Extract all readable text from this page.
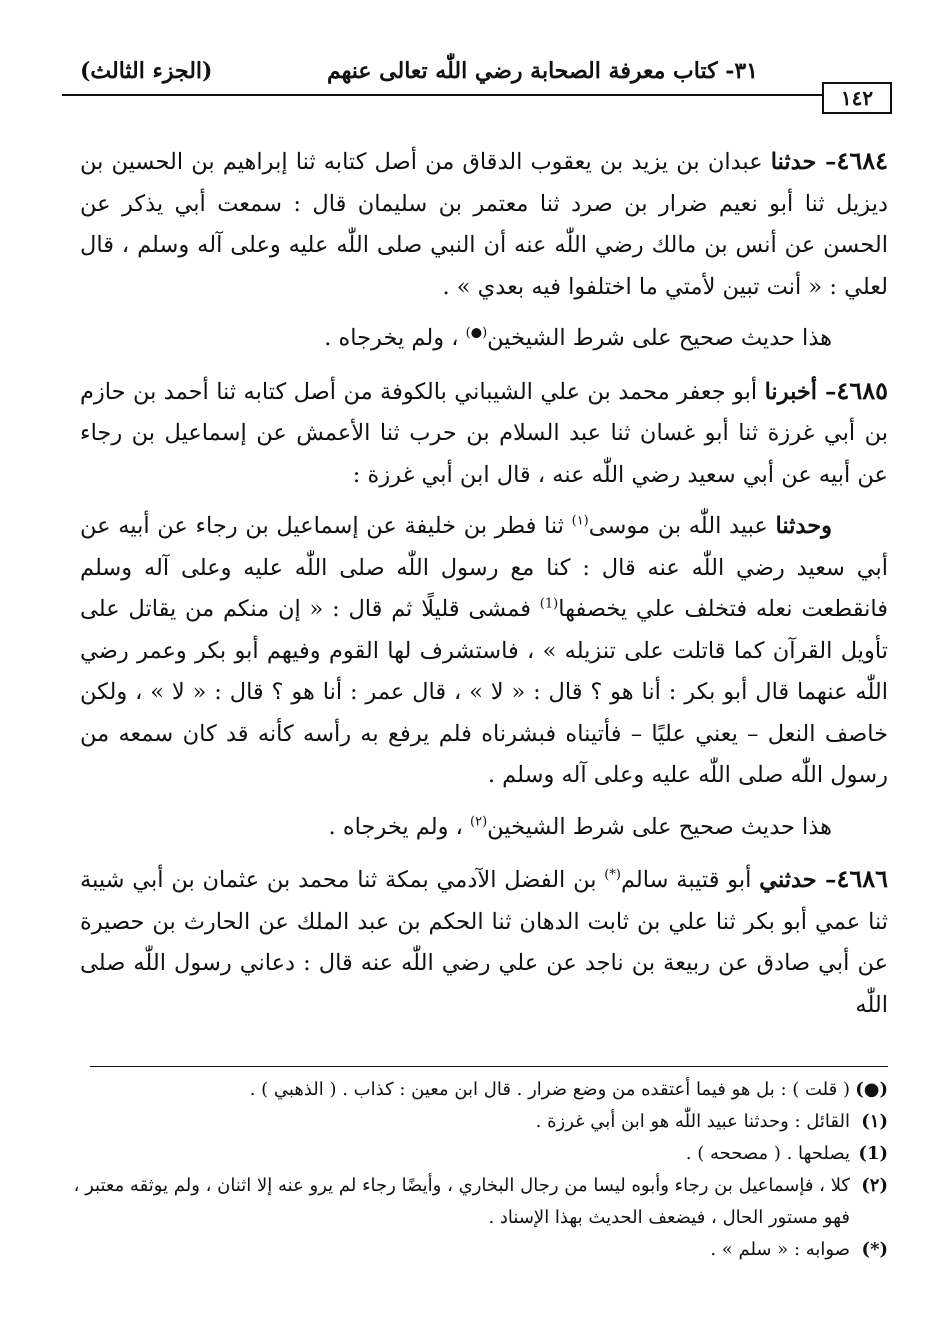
٣١- كتاب معرفة الصحابة رضي اللّٰه تعالى عنهم
(الجزء الثالث)
١٤٢

٤٦٨٤– حدثنا عبدان بن يزيد بن يعقوب الدقاق من أصل كتابه ثنا إبراهيم بن الحسين بن ديزيل ثنا أبو نعيم ضرار بن صرد ثنا معتمر بن سليمان قال : سمعت أبي يذكر عن الحسن عن أنس بن مالك رضي اللّٰه عنه أن النبي صلى اللّٰه عليه وعلى آله وسلم ، قال لعلي : « أنت تبين لأمتي ما اختلفوا فيه بعدي » .

هذا حديث صحيح على شرط الشيخين(●) ، ولم يخرجاه .

٤٦٨٥– أخبرنا أبو جعفر محمد بن علي الشيباني بالكوفة من أصل كتابه ثنا أحمد بن حازم بن أبي غرزة ثنا أبو غسان ثنا عبد السلام بن حرب ثنا الأعمش عن إسماعيل بن رجاء عن أبيه عن أبي سعيد رضي اللّٰه عنه ، قال ابن أبي غرزة :

وحدثنا عبيد اللّٰه بن موسى$^{(١)}$ ثنا فطر بن خليفة عن إسماعيل بن رجاء عن أبيه عن أبي سعيد رضي اللّٰه عنه قال : كنا مع رسول اللّٰه صلى اللّٰه عليه وعلى آله وسلم فانقطعت نعله فتخلف علي يخصفها$^{(1)}$ فمشى قليلًا ثم قال : « إن منكم من يقاتل على تأويل القرآن كما قاتلت على تنزيله » ، فاستشرف لها القوم وفيهم أبو بكر وعمر رضي اللّٰه عنهما قال أبو بكر : أنا هو ؟ قال : « لا » ، قال عمر : أنا هو ؟ قال : « لا » ، ولكن خاصف النعل – يعني عليًا – فأتيناه فبشرناه فلم يرفع به رأسه كأنه قد كان سمعه من رسول اللّٰه صلى اللّٰه عليه وعلى آله وسلم .

هذا حديث صحيح على شرط الشيخين$^{(٢)}$ ، ولم يخرجاه .

٤٦٨٦– حدثني أبو قتيبة سالم(*) بن الفضل الآدمي بمكة ثنا محمد بن عثمان بن أبي شيبة ثنا عمي أبو بكر ثنا علي بن ثابت الدهان ثنا الحكم بن عبد الملك عن الحارث بن حصيرة عن أبي صادق عن ربيعة بن ناجد عن علي رضي اللّٰه عنه قال : دعاني رسول اللّٰه صلى اللّٰه

(●)
( قلت ) : بل هو فيما أعتقده من وضع ضرار . قال ابن معين : كذاب . ( الذهبي ) .
(١)
القائل : وحدثنا عبيد اللّٰه هو ابن أبي غرزة .
(1)
يصلحها . ( مصححه ) .
(٢)
كلا ، فإسماعيل بن رجاء وأبوه ليسا من رجال البخاري ، وأيضًا رجاء لم يرو عنه إلا اثنان ، ولم يوثقه معتبر ، فهو مستور الحال ، فيضعف الحديث بهذا الإسناد .
(*)
صوابه : « سلم » .
